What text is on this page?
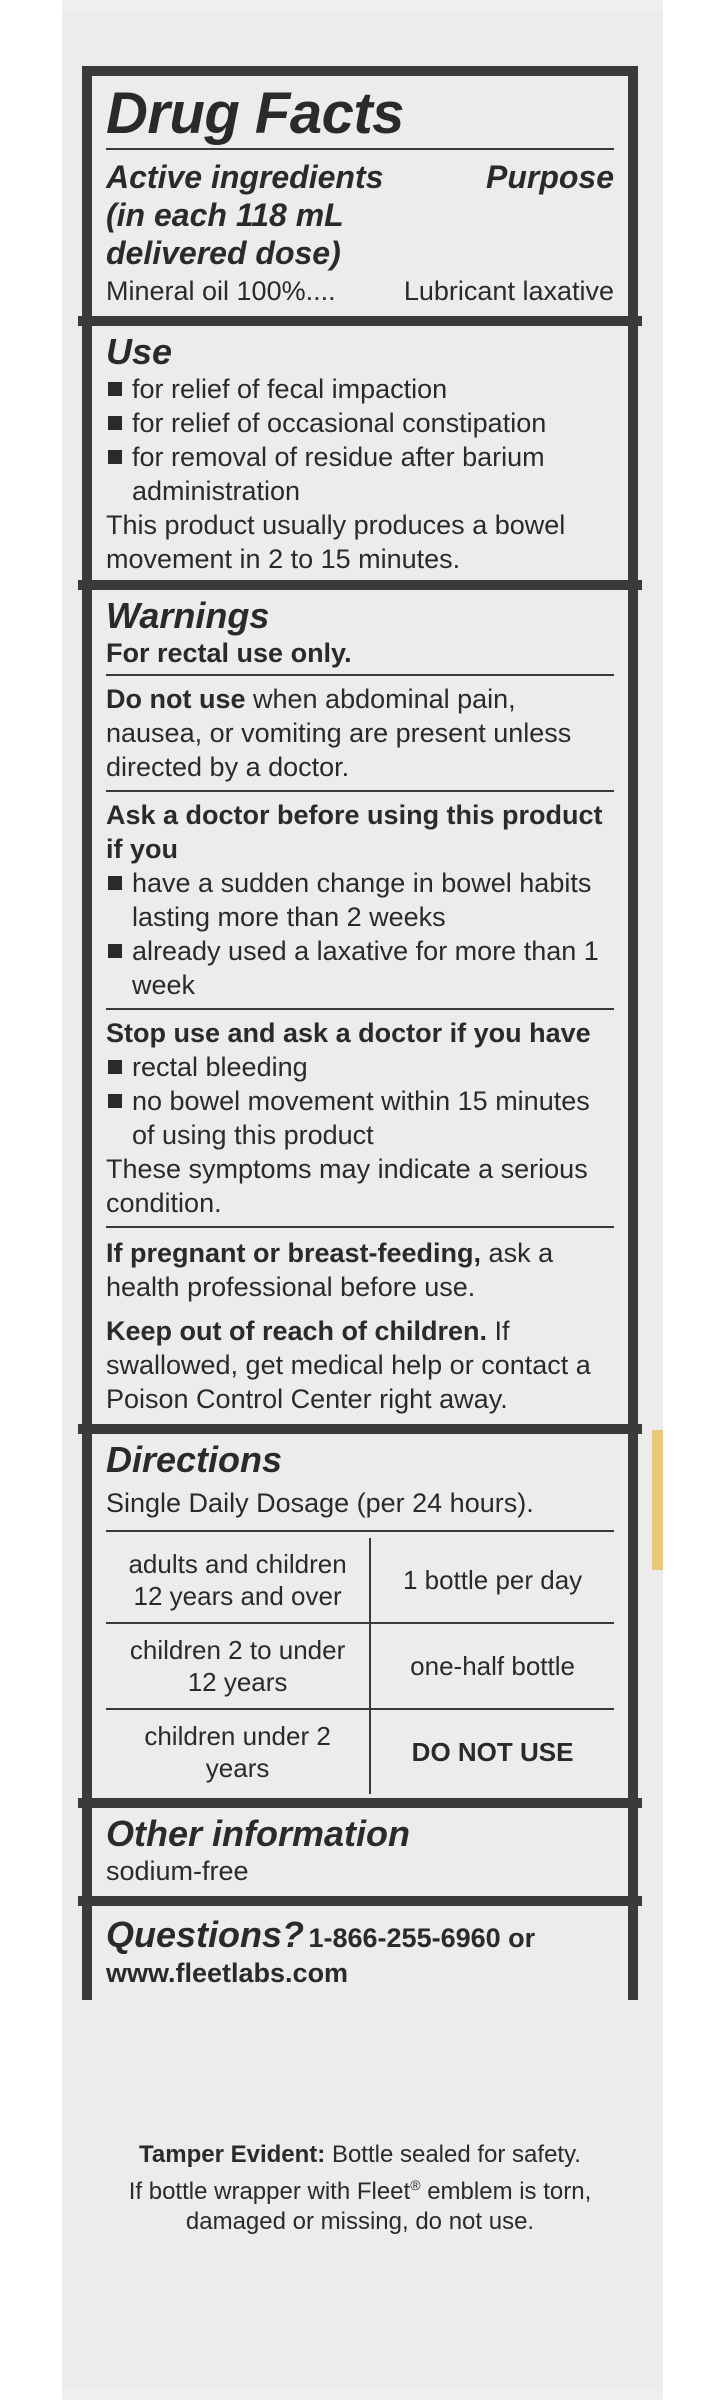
Drug Facts
Active ingredients	Purpose
(in each 118 mL
delivered dose)
Mineral oil 100%....	Lubricant laxative
Use
for relief of fecal impaction
for relief of occasional constipation
for removal of residue after barium administration
This product usually produces a bowel movement in 2 to 15 minutes.
Warnings
For rectal use only.
Do not use when abdominal pain, nausea, or vomiting are present unless directed by a doctor.
Ask a doctor before using this product if you
have a sudden change in bowel habits lasting more than 2 weeks
already used a laxative for more than 1 week
Stop use and ask a doctor if you have
rectal bleeding
no bowel movement within 15 minutes of using this product
These symptoms may indicate a serious condition.
If pregnant or breast-feeding, ask a health professional before use.
Keep out of reach of children. If swallowed, get medical help or contact a Poison Control Center right away.
Directions
Single Daily Dosage (per 24 hours).
adults and children 12 years and over	1 bottle per day
children 2 to under 12 years	one-half bottle
children under 2 years	DO NOT USE
Other information
sodium-free
Questions? 1-866-255-6960 or
www.fleetlabs.com
Tamper Evident: Bottle sealed for safety.
If bottle wrapper with Fleet® emblem is torn,
damaged or missing, do not use.
